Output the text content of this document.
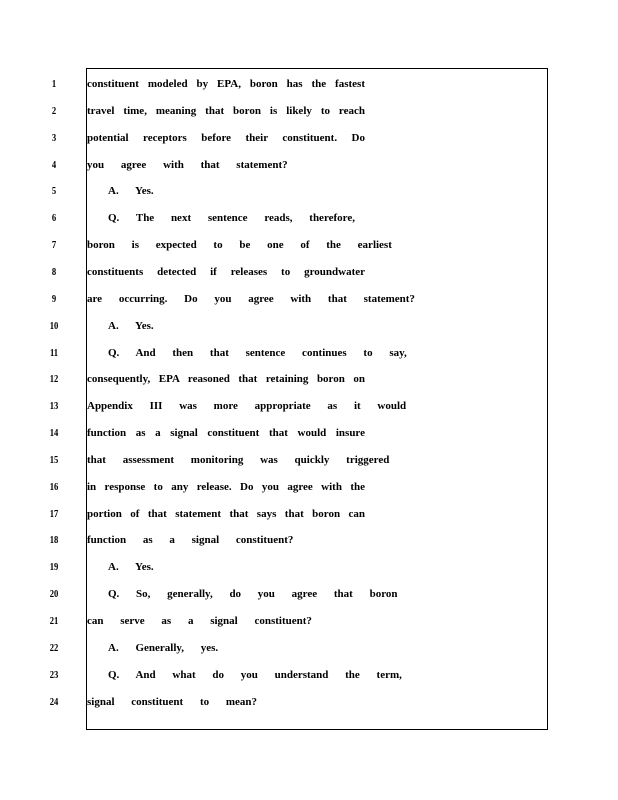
1	constituent modeled by EPA, boron has the fastest
2	travel time, meaning that boron is likely to reach
3	potential receptors before their constituent. Do
4	you agree with that statement?
5	A. Yes.
6	Q. The next sentence reads, therefore,
7	boron is expected to be one of the earliest
8	constituents detected if releases to groundwater
9	are occurring. Do you agree with that statement?
10	A. Yes.
11	Q. And then that sentence continues to say,
12	consequently, EPA reasoned that retaining boron on
13	Appendix III was more appropriate as it would
14	function as a signal constituent that would insure
15	that assessment monitoring was quickly triggered
16	in response to any release. Do you agree with the
17	portion of that statement that says that boron can
18	function as a signal constituent?
19	A. Yes.
20	Q. So, generally, do you agree that boron
21	can serve as a signal constituent?
22	A. Generally, yes.
23	Q. And what do you understand the term,
24	signal constituent to mean?
